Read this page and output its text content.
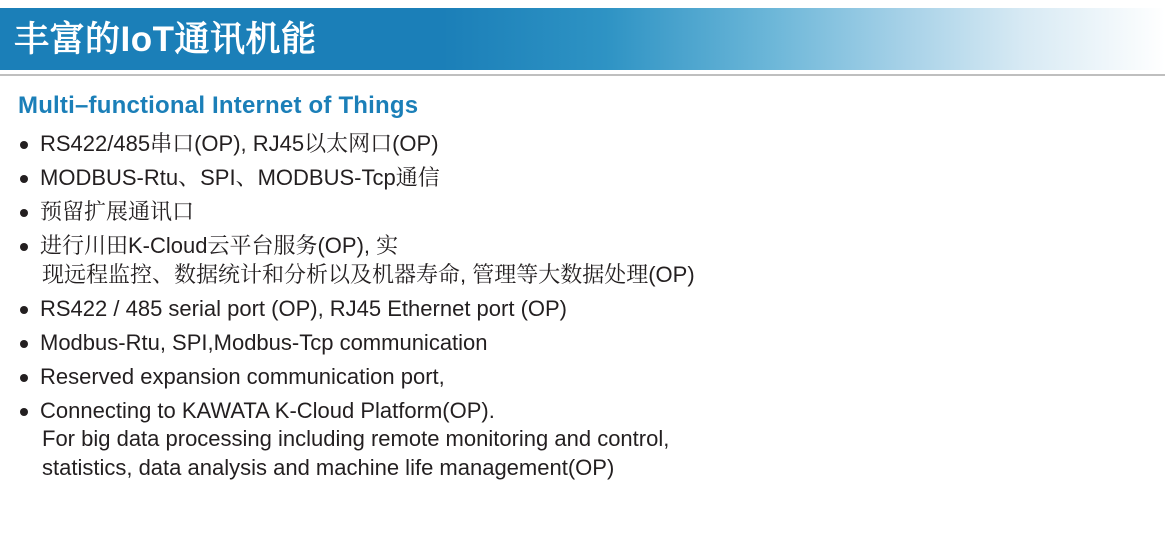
丰富的IoT通讯机能
Multi–functional Internet of Things
RS422/485串口(OP), RJ45以太网口(OP)
MODBUS-Rtu、SPI、MODBUS-Tcp通信
预留扩展通讯口
进行川田K-Cloud云平台服务(OP), 实
现远程监控、数据统计和分析以及机器寿命, 管理等大数据处理(OP)
RS422 / 485 serial port (OP), RJ45 Ethernet port (OP)
Modbus-Rtu, SPI,Modbus-Tcp communication
Reserved expansion communication port,
Connecting to KAWATA K-Cloud Platform(OP).
For big data processing including remote monitoring and control,
statistics, data analysis and machine life management(OP)
